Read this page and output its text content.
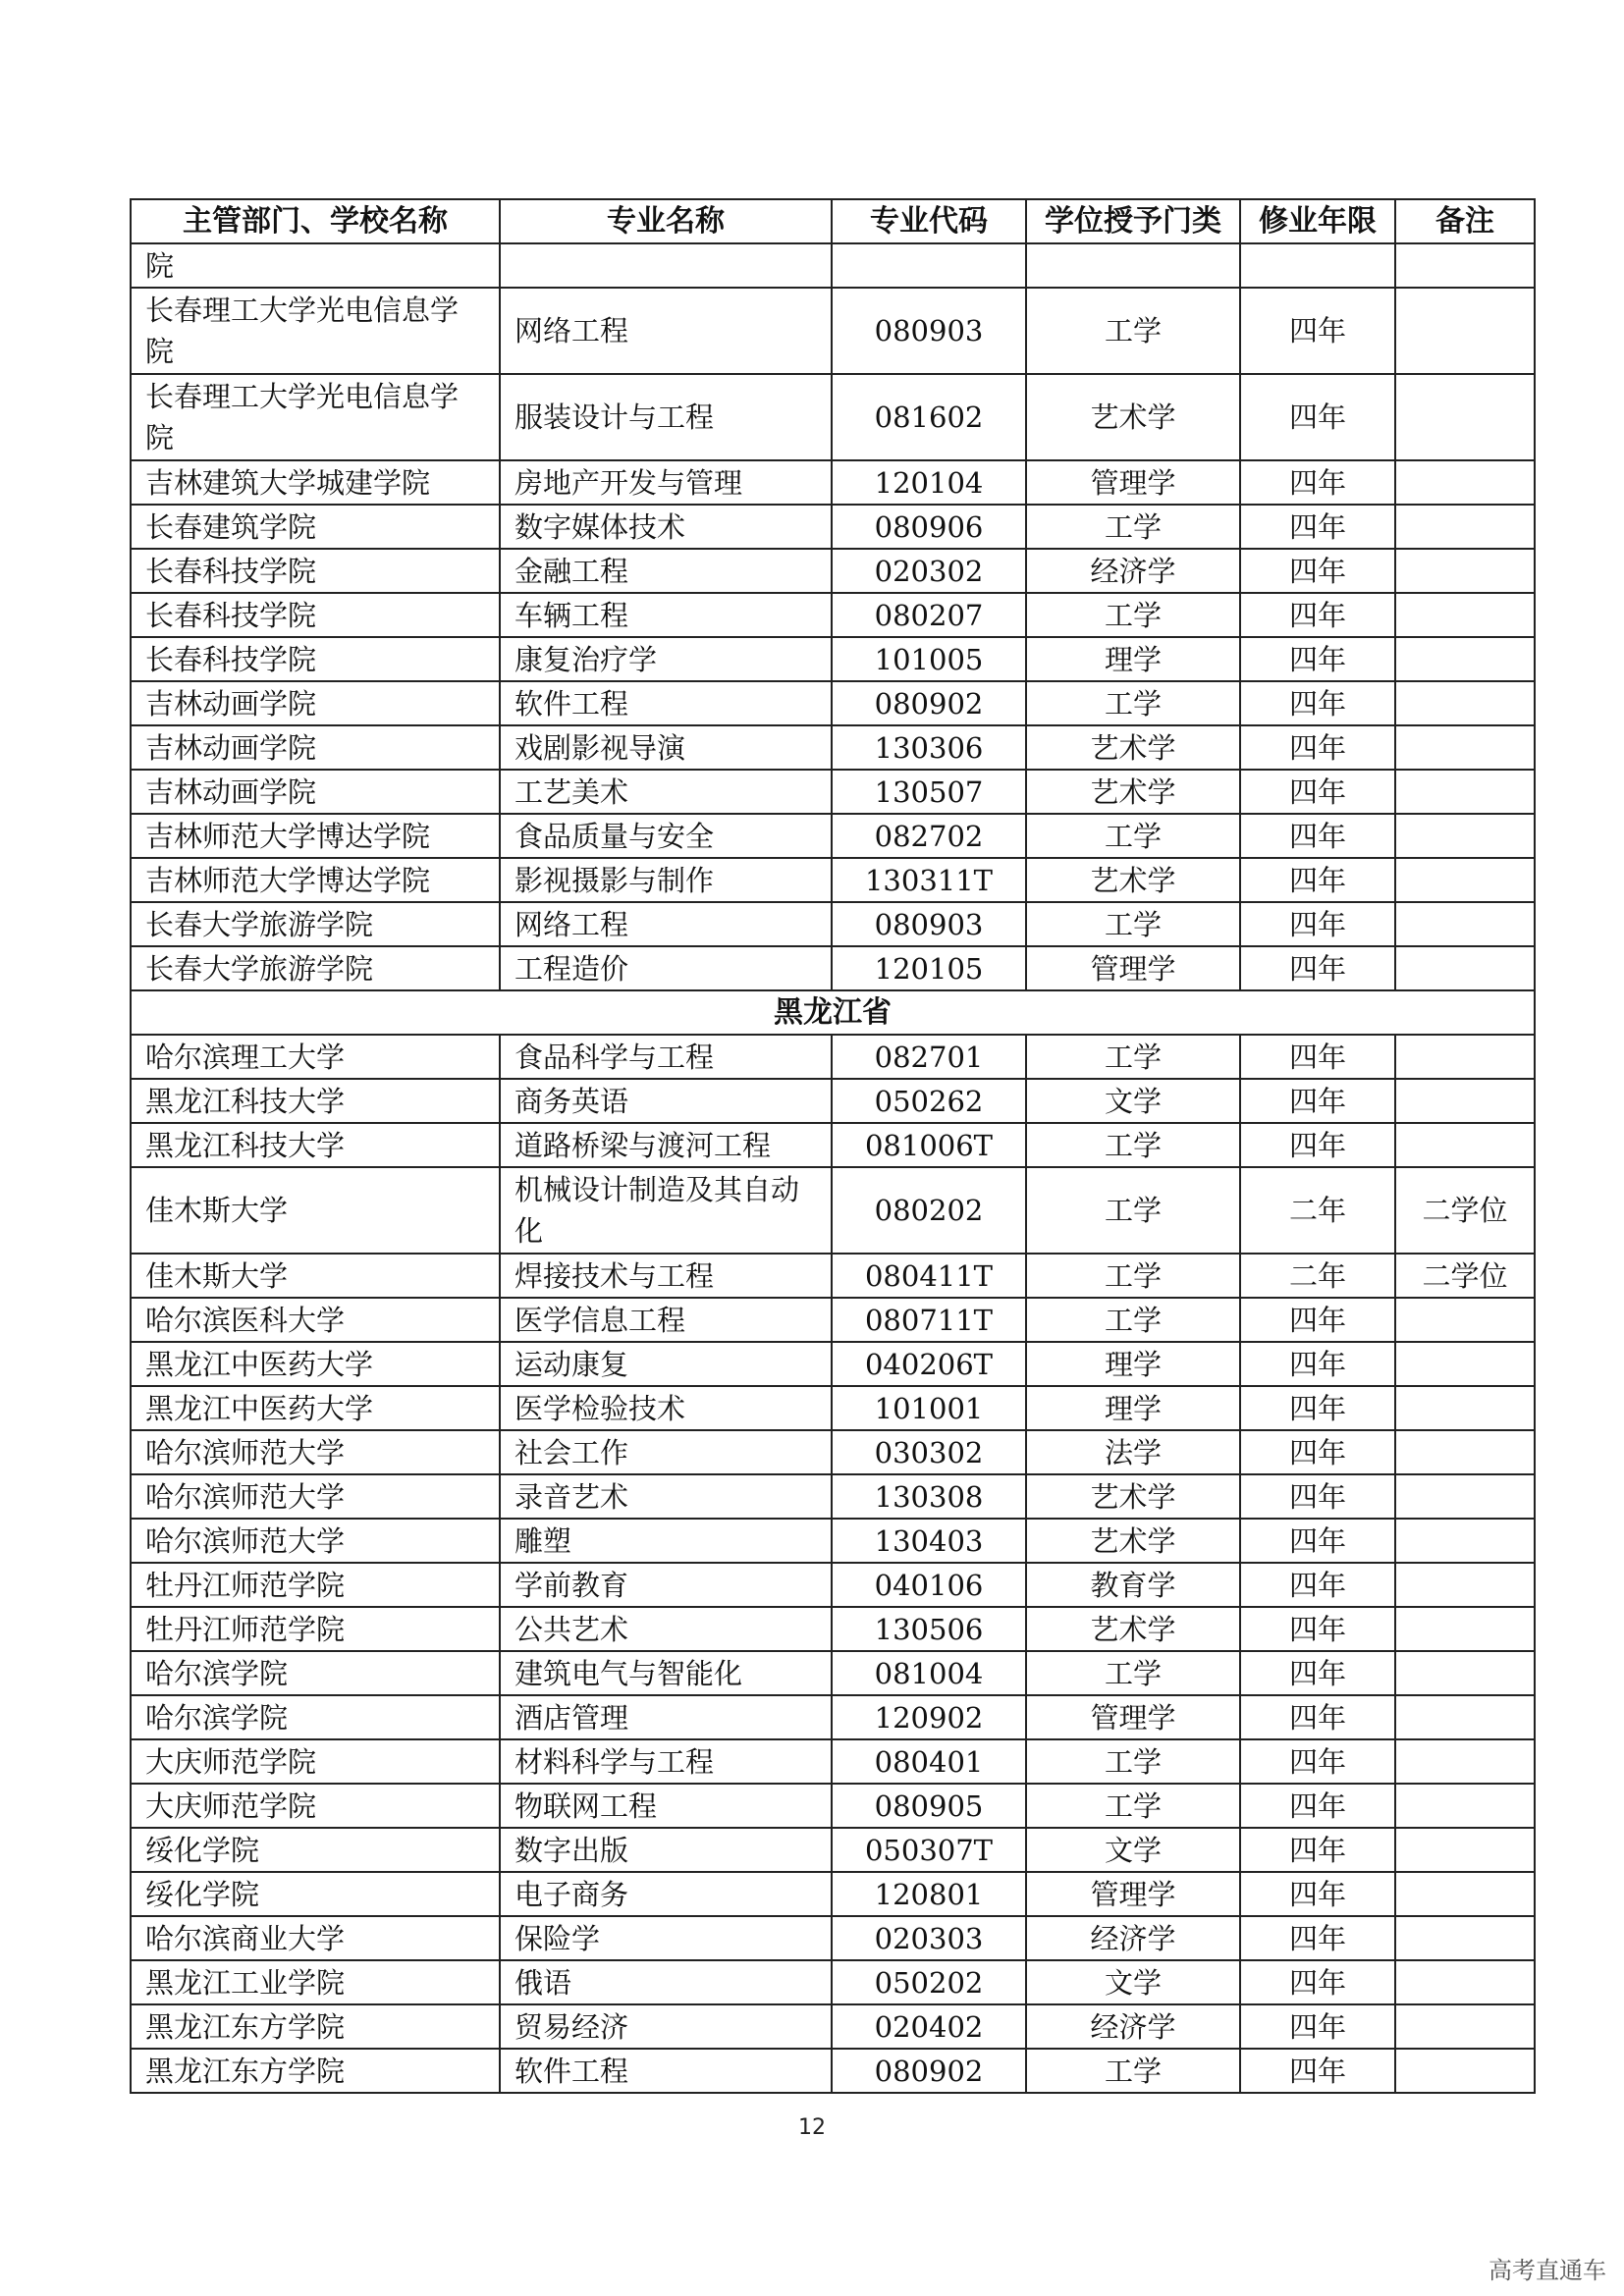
主管部门、学校名称	专业名称	专业代码	学位授予门类	修业年限	备注
院					
长春理工大学光电信息学院	网络工程	080903	工学	四年	
长春理工大学光电信息学院	服装设计与工程	081602	艺术学	四年	
吉林建筑大学城建学院	房地产开发与管理	120104	管理学	四年	
长春建筑学院	数字媒体技术	080906	工学	四年	
长春科技学院	金融工程	020302	经济学	四年	
长春科技学院	车辆工程	080207	工学	四年	
长春科技学院	康复治疗学	101005	理学	四年	
吉林动画学院	软件工程	080902	工学	四年	
吉林动画学院	戏剧影视导演	130306	艺术学	四年	
吉林动画学院	工艺美术	130507	艺术学	四年	
吉林师范大学博达学院	食品质量与安全	082702	工学	四年	
吉林师范大学博达学院	影视摄影与制作	130311T	艺术学	四年	
长春大学旅游学院	网络工程	080903	工学	四年	
长春大学旅游学院	工程造价	120105	管理学	四年	
黑龙江省					
哈尔滨理工大学	食品科学与工程	082701	工学	四年	
黑龙江科技大学	商务英语	050262	文学	四年	
黑龙江科技大学	道路桥梁与渡河工程	081006T	工学	四年	
佳木斯大学	机械设计制造及其自动化	080202	工学	二年	二学位
佳木斯大学	焊接技术与工程	080411T	工学	二年	二学位
哈尔滨医科大学	医学信息工程	080711T	工学	四年	
黑龙江中医药大学	运动康复	040206T	理学	四年	
黑龙江中医药大学	医学检验技术	101001	理学	四年	
哈尔滨师范大学	社会工作	030302	法学	四年	
哈尔滨师范大学	录音艺术	130308	艺术学	四年	
哈尔滨师范大学	雕塑	130403	艺术学	四年	
牡丹江师范学院	学前教育	040106	教育学	四年	
牡丹江师范学院	公共艺术	130506	艺术学	四年	
哈尔滨学院	建筑电气与智能化	081004	工学	四年	
哈尔滨学院	酒店管理	120902	管理学	四年	
大庆师范学院	材料科学与工程	080401	工学	四年	
大庆师范学院	物联网工程	080905	工学	四年	
绥化学院	数字出版	050307T	文学	四年	
绥化学院	电子商务	120801	管理学	四年	
哈尔滨商业大学	保险学	020303	经济学	四年	
黑龙江工业学院	俄语	050202	文学	四年	
黑龙江东方学院	贸易经济	020402	经济学	四年	
黑龙江东方学院	软件工程	080902	工学	四年	
12
高考直通车
